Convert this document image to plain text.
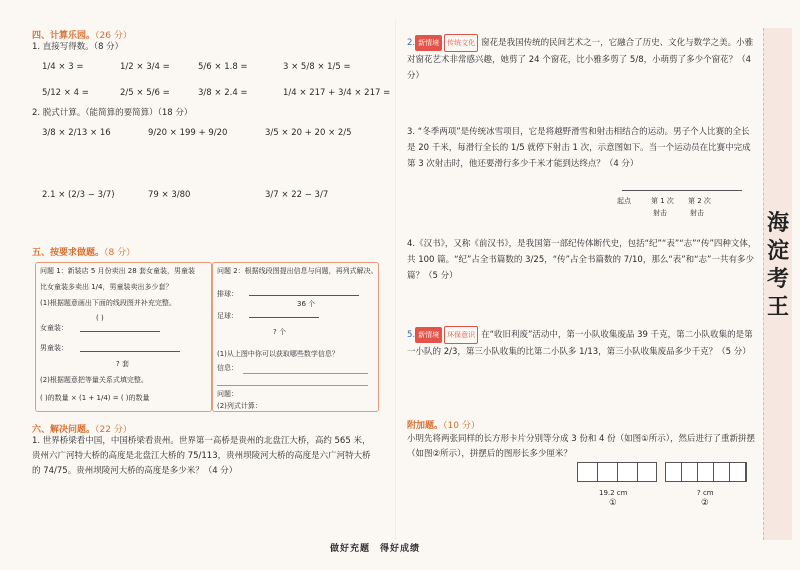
四、计算乐园。（26 分）
1. 直接写得数。（8 分）
1/4 × 3 =	1/2 × 3/4 =	5/6 × 1.8 =	3 × 5/8 × 1/5 =
5/12 × 4 =	2/5 × 5/6 =	3/8 × 2.4 =	1/4 × 217 + 3/4 × 217 =
2. 脱式计算。（能简算的要简算）（18 分）
3/8 × 2/13 × 16	9/20 × 199 + 9/20	3/5 × 20 + 20 × 2/5
2.1 × (2/3 − 3/7)	79 × 3/80	3/7 × 22 − 3/7
五、按要求做题。（8 分）
问题 1：新装店 5 月份卖出 28 套女童装，男童装
比女童装多卖出 1/4，男童装卖出多少套？
(1)根据题意画出下面的线段图并补充完整。
女童装：
男童装：
( )
? 套
(2)根据题意把等量关系式填完整。
( )的数量 × (1 + 1/4) = ( )的数量
问题 2：根据线段图提出信息与问题，再列式解决。
排球：
36 个
足球：
? 个
(1)从上图中你可以获取哪些数学信息？
信息：
问题：
(2)列式计算：
六、解决问题。（22 分）
1. 世界桥梁看中国，中国桥梁看贵州。世界第一高桥是贵州的北盘江大桥，高约 565 米，贵州六广河特大桥的高度是北盘江大桥的 75/113，贵州坝陵河大桥的高度是六广河特大桥的 74/75。贵州坝陵河大桥的高度是多少米？（4 分）
2. 新情境 传统文化 窗花是我国传统的民间艺术之一，它融合了历史、文化与数学之美。小雅对窗花艺术非常感兴趣，她剪了 24 个窗花，比小雅多剪了 5/8，小萌剪了多少个窗花？（4 分）
3. “冬季两项”是传统冰雪项目，它是将越野滑雪和射击相结合的运动。男子个人比赛的全长是 20 千米，每滑行全长的 1/5 就停下射击 1 次，示意图如下。当一个运动员在比赛中完成第 3 次射击时，他还要滑行多少千米才能到达终点？（4 分）
起点	第 1 次 第 2 次
射击	射击
4.《汉书》，又称《前汉书》，是我国第一部纪传体断代史，包括“纪”“表”“志”“传”四种文体，共 100 篇。“纪”占全书篇数的 3/25，“传”占全书篇数的 7/10，那么“表”和“志”一共有多少篇？（5 分）
5. 新情境 环保意识 在“收旧利废”活动中，第一小队收集废品 39 千克，第二小队收集的是第一小队的 2/3，第三小队收集的比第二小队多 1/13，第三小队收集废品多少千克？（5 分）
附加题。（10 分）
小明先将两张同样的长方形卡片分别等分成 3 份和 4 份（如图①所示），然后进行了重新拼摆（如图②所示），拼摆后的图形长多少厘米？
19.2 cm
①
? cm
②
海淀考王
做好充题　得好成绩
